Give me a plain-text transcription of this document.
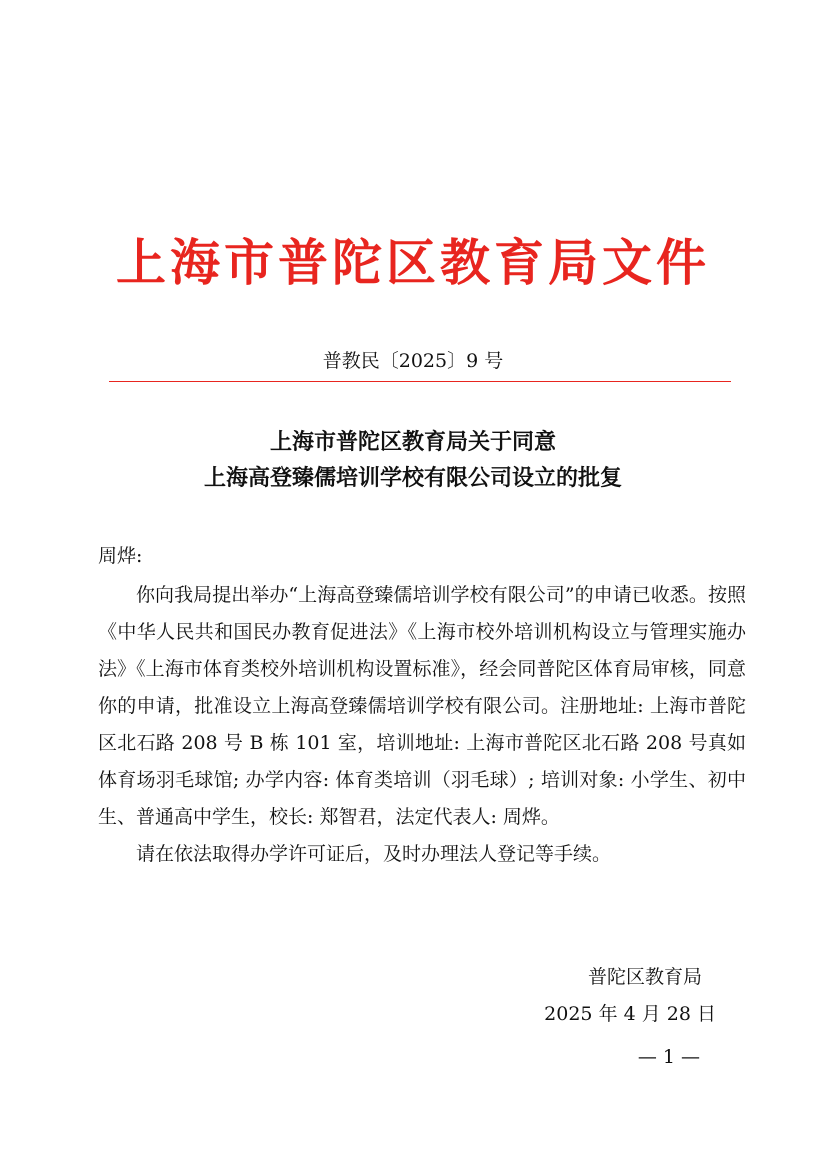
上海市普陀区教育局文件
普教民〔2025〕9 号
上海市普陀区教育局关于同意
上海高登臻儒培训学校有限公司设立的批复
周烨:

你向我局提出举办“上海高登臻儒培训学校有限公司”的申请已收悉。按照《中华人民共和国民办教育促进法》《上海市校外培训机构设立与管理实施办法》《上海市体育类校外培训机构设置标准》，经会同普陀区体育局审核，同意你的申请，批准设立上海高登臻儒培训学校有限公司。注册地址: 上海市普陀区北石路 208 号 B 栋 101 室，培训地址: 上海市普陀区北石路 208 号真如体育场羽毛球馆; 办学内容: 体育类培训（羽毛球）; 培训对象: 小学生、初中生、普通高中学生，校长: 郑智君，法定代表人: 周烨。

请在依法取得办学许可证后，及时办理法人登记等手续。

普陀区教育局
2025 年 4 月 28 日
— 1 —
